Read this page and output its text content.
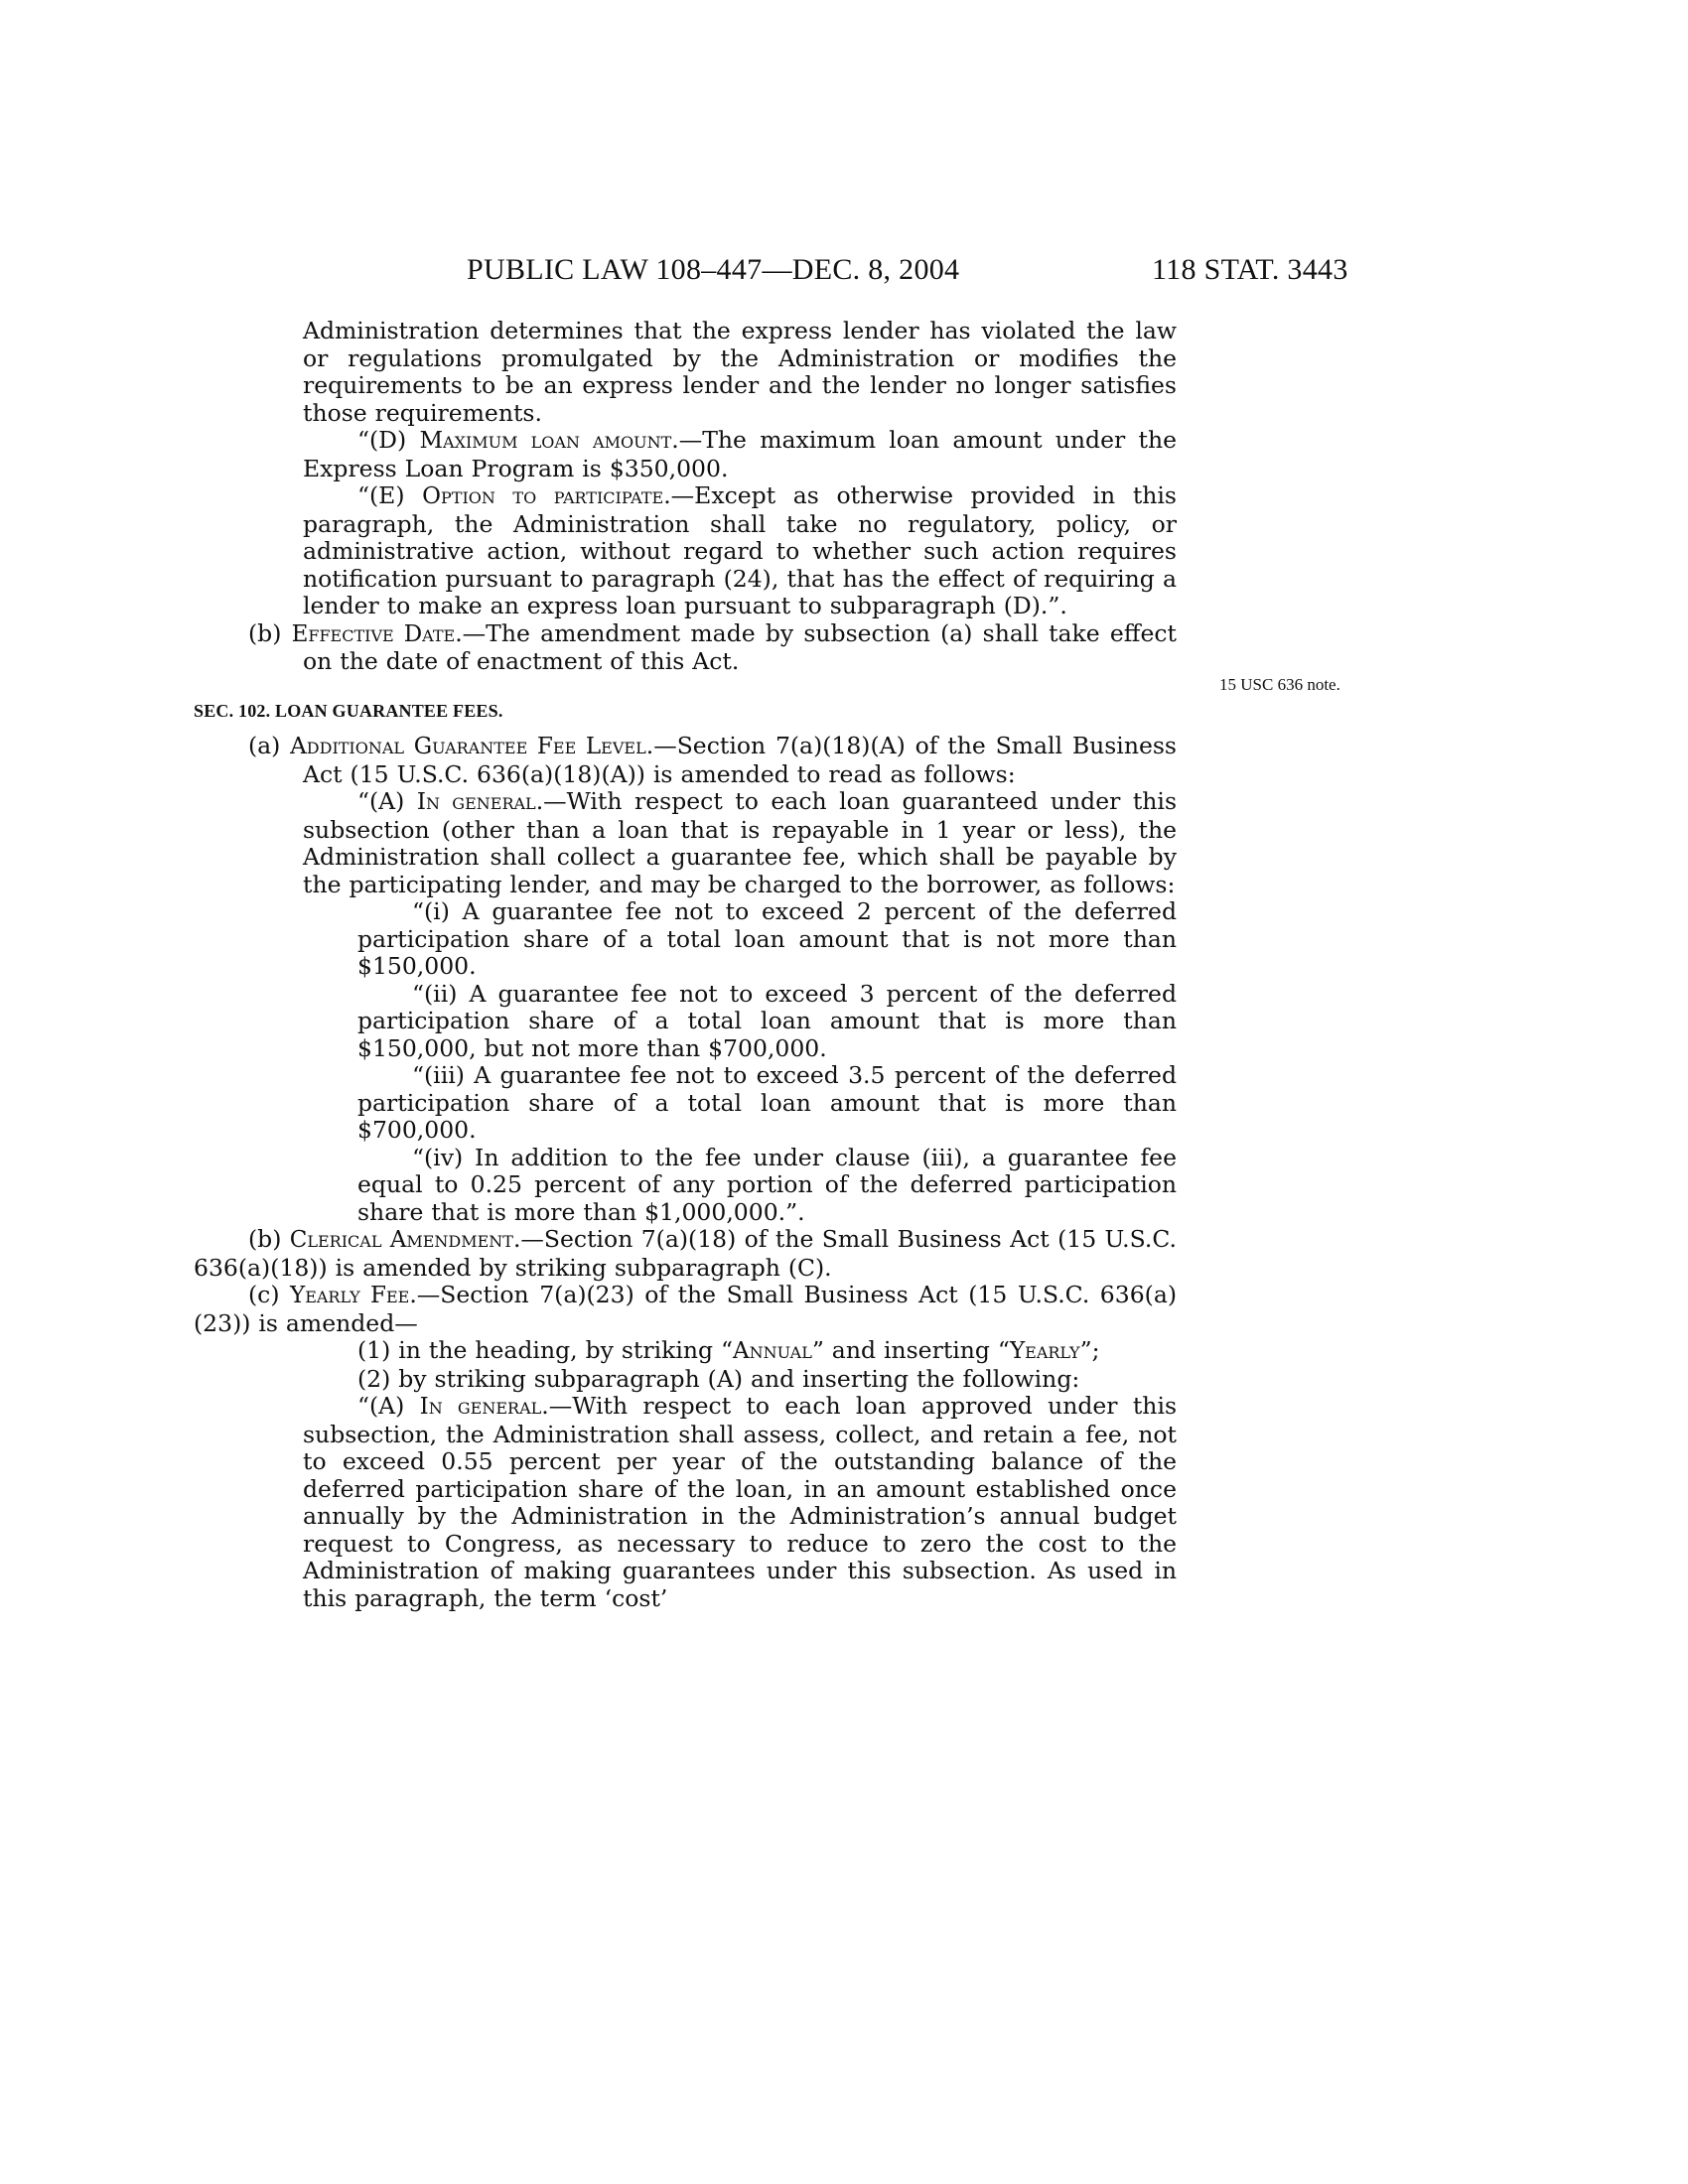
PUBLIC LAW 108–447—DEC. 8, 2004	118 STAT. 3443
15 USC 636 note.

Administration determines that the express lender has violated the law or regulations promulgated by the Administration or modifies the requirements to be an express lender and the lender no longer satisfies those requirements.

“(D) Maximum loan amount.—The maximum loan amount under the Express Loan Program is $350,000.

“(E) Option to participate.—Except as otherwise provided in this paragraph, the Administration shall take no regulatory, policy, or administrative action, without regard to whether such action requires notification pursuant to paragraph (24), that has the effect of requiring a lender to make an express loan pursuant to subparagraph (D).”.

(b) Effective Date.—The amendment made by subsection (a) shall take effect on the date of enactment of this Act.

SEC. 102. LOAN GUARANTEE FEES.

(a) Additional Guarantee Fee Level.—Section 7(a)(18)(A) of the Small Business Act (15 U.S.C. 636(a)(18)(A)) is amended to read as follows:

“(A) In general.—With respect to each loan guaranteed under this subsection (other than a loan that is repayable in 1 year or less), the Administration shall collect a guarantee fee, which shall be payable by the participating lender, and may be charged to the borrower, as follows:

“(i) A guarantee fee not to exceed 2 percent of the deferred participation share of a total loan amount that is not more than $150,000.

“(ii) A guarantee fee not to exceed 3 percent of the deferred participation share of a total loan amount that is more than $150,000, but not more than $700,000.

“(iii) A guarantee fee not to exceed 3.5 percent of the deferred participation share of a total loan amount that is more than $700,000.

“(iv) In addition to the fee under clause (iii), a guarantee fee equal to 0.25 percent of any portion of the deferred participation share that is more than $1,000,000.”.

(b) Clerical Amendment.—Section 7(a)(18) of the Small Business Act (15 U.S.C. 636(a)(18)) is amended by striking subparagraph (C).

(c) Yearly Fee.—Section 7(a)(23) of the Small Business Act (15 U.S.C. 636(a)(23)) is amended—

(1) in the heading, by striking “Annual” and inserting “Yearly”;

(2) by striking subparagraph (A) and inserting the following:

“(A) In general.—With respect to each loan approved under this subsection, the Administration shall assess, collect, and retain a fee, not to exceed 0.55 percent per year of the outstanding balance of the deferred participation share of the loan, in an amount established once annually by the Administration in the Administration’s annual budget request to Congress, as necessary to reduce to zero the cost to the Administration of making guarantees under this subsection. As used in this paragraph, the term ‘cost’
